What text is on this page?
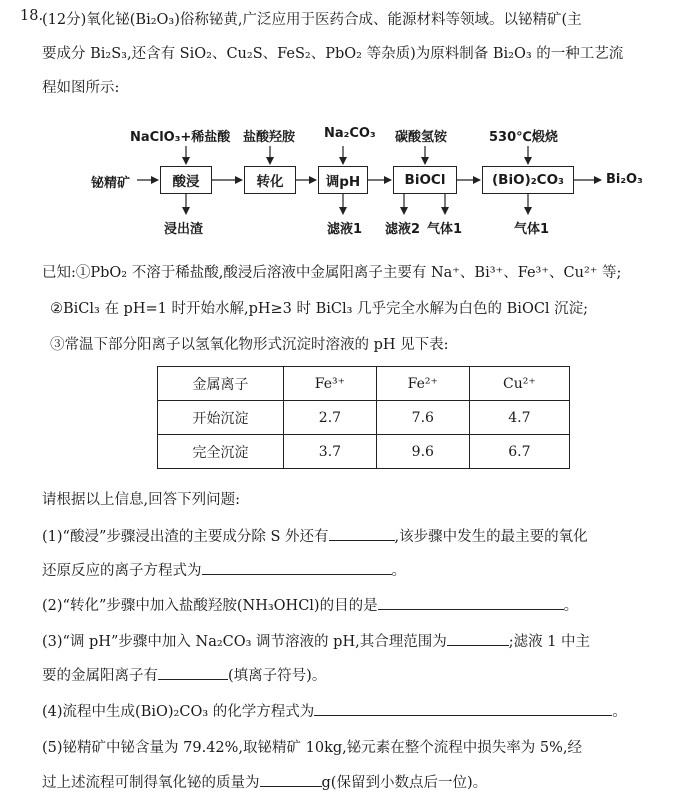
18.
(12分)氧化铋(Bi₂O₃)俗称铋黄,广泛应用于医药合成、能源材料等领域。以铋精矿(主
要成分 Bi₂S₃,还含有 SiO₂、Cu₂S、FeS₂、PbO₂ 等杂质)为原料制备 Bi₂O₃ 的一种工艺流
程如图所示:
NaClO₃+稀盐酸 盐酸羟胺 Na₂CO₃ 碳酸氢铵	530℃煅烧
铋精矿	酸浸	转化	调pH	BiOCl	(BiO)₂CO₃	Bi₂O₃
浸出渣	滤液1 滤液2 气体1	气体1
已知:①PbO₂ 不溶于稀盐酸,酸浸后溶液中金属阳离子主要有 Na⁺、Bi³⁺、Fe³⁺、Cu²⁺ 等;
②BiCl₃ 在 pH=1 时开始水解,pH≥3 时 BiCl₃ 几乎完全水解为白色的 BiOCl 沉淀;
③常温下部分阳离子以氢氧化物形式沉淀时溶液的 pH 见下表:
金属离子	Fe³⁺	Fe²⁺	Cu²⁺
开始沉淀	2.7	7.6	4.7
完全沉淀	3.7	9.6	6.7
请根据以上信息,回答下列问题:
(1)“酸浸”步骤浸出渣的主要成分除 S 外还有	,该步骤中发生的最主要的氧化
还原反应的离子方程式为	。
(2)“转化”步骤中加入盐酸羟胺(NH₃OHCl)的目的是	。
(3)“调 pH”步骤中加入 Na₂CO₃ 调节溶液的 pH,其合理范围为	;滤液 1 中主
要的金属阳离子有	(填离子符号)。
(4)流程中生成(BiO)₂CO₃ 的化学方程式为	。
(5)铋精矿中铋含量为 79.42%,取铋精矿 10kg,铋元素在整个流程中损失率为 5%,经
过上述流程可制得氧化铋的质量为	g(保留到小数点后一位)。
